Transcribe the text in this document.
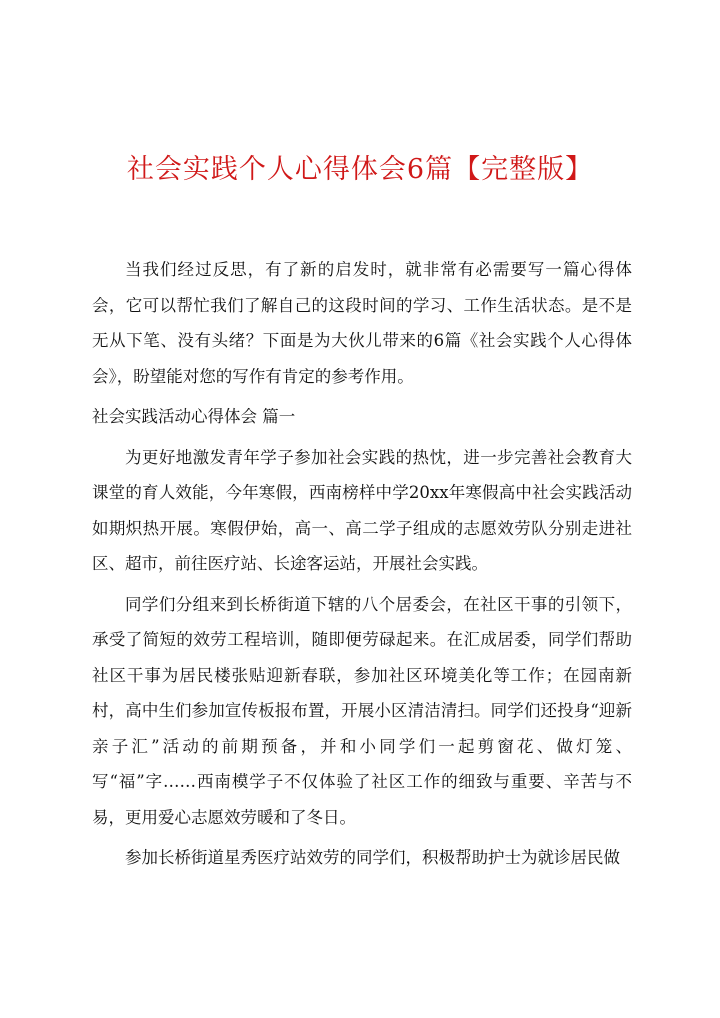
社会实践个人心得体会6篇【完整版】

当我们经过反思，有了新的启发时，就非常有必需要写一篇心得体会，它可以帮忙我们了解自己的这段时间的学习、工作生活状态。是不是无从下笔、没有头绪？下面是为大伙儿带来的6篇《社会实践个人心得体会》，盼望能对您的写作有肯定的参考作用。

社会实践活动心得体会 篇一

为更好地激发青年学子参加社会实践的热忱，进一步完善社会教育大课堂的育人效能，今年寒假，西南榜样中学20xx年寒假高中社会实践活动如期炽热开展。寒假伊始，高一、高二学子组成的志愿效劳队分别走进社区、超市，前往医疗站、长途客运站，开展社会实践。

同学们分组来到长桥街道下辖的八个居委会，在社区干事的引领下，承受了简短的效劳工程培训，随即便劳碌起来。在汇成居委，同学们帮助社区干事为居民楼张贴迎新春联，参加社区环境美化等工作；在园南新村，高中生们参加宣传板报布置，开展小区清洁清扫。同学们还投身“迎新亲子汇”活动的前期预备，并和小同学们一起剪窗花、做灯笼、写“福”字……西南模学子不仅体验了社区工作的细致与重要、辛苦与不易，更用爱心志愿效劳暖和了冬日。

参加长桥街道星秀医疗站效劳的同学们，积极帮助护士为就诊居民做
